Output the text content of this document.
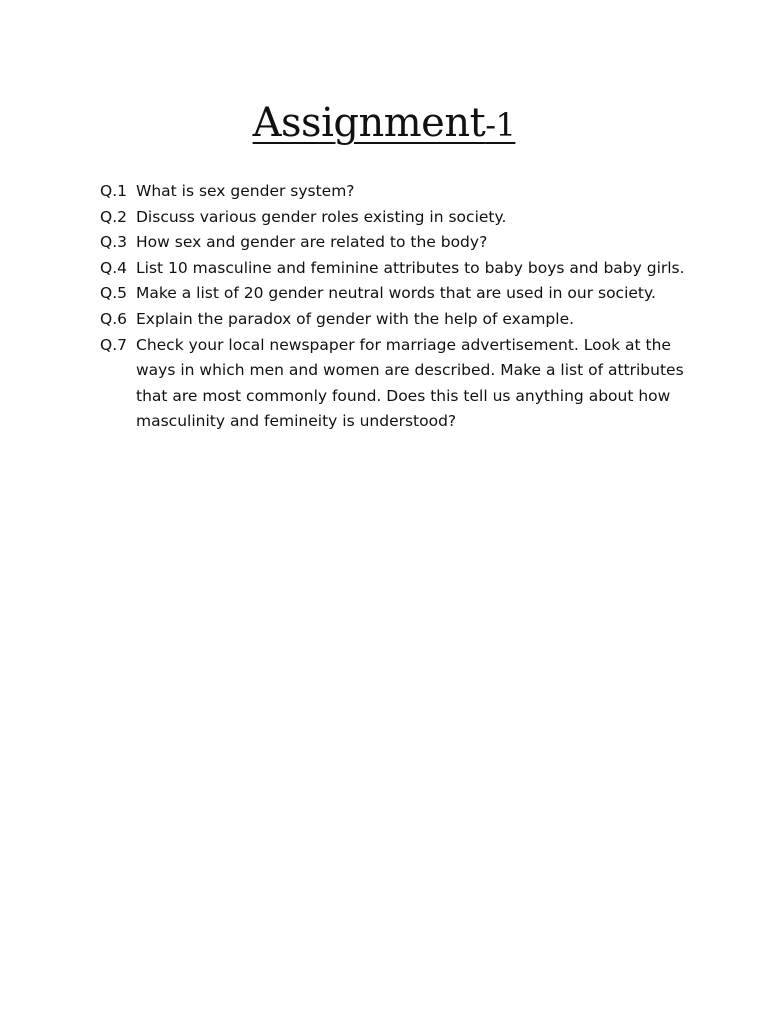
Assignment-1
Q.1 What is sex gender system?
Q.2 Discuss various gender roles existing in society.
Q.3 How sex and gender are related to the body?
Q.4 List 10 masculine and feminine attributes to baby boys and baby girls.
Q.5 Make a list of 20 gender neutral words that are used in our society.
Q.6 Explain the paradox of gender with the help of example.
Q.7 Check your local newspaper for marriage advertisement. Look at the ways in which men and women are described. Make a list of attributes that are most commonly found. Does this tell us anything about how masculinity and femineity is understood?
